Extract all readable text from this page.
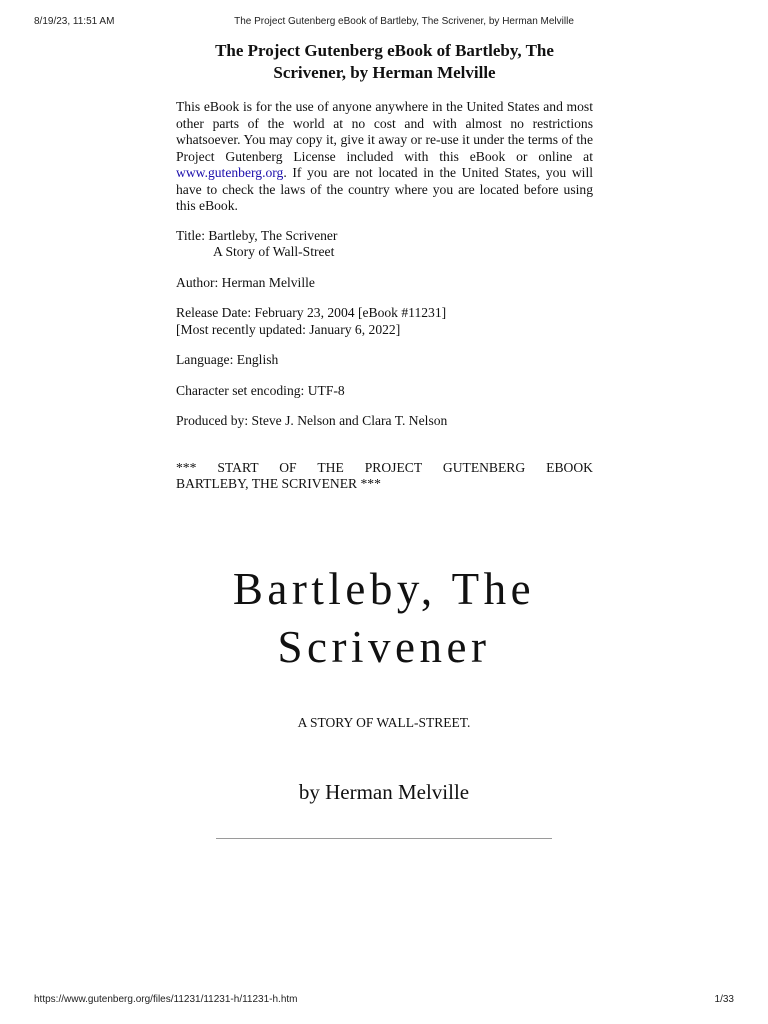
8/19/23, 11:51 AM	The Project Gutenberg eBook of Bartleby, The Scrivener, by Herman Melville
The Project Gutenberg eBook of Bartleby, The
Scrivener, by Herman Melville
This eBook is for the use of anyone anywhere in the United States and most other parts of the world at no cost and with almost no restrictions whatsoever. You may copy it, give it away or re-use it under the terms of the Project Gutenberg License included with this eBook or online at www.gutenberg.org. If you are not located in the United States, you will have to check the laws of the country where you are located before using this eBook.

Title: Bartleby, The Scrivener

A Story of Wall-Street

Author: Herman Melville

Release Date: February 23, 2004 [eBook #11231]

[Most recently updated: January 6, 2022]

Language: English

Character set encoding: UTF-8

Produced by: Steve J. Nelson and Clara T. Nelson

*** START OF THE PROJECT GUTENBERG EBOOK
BARTLEBY, THE SCRIVENER ***
Bartleby, The
Scrivener

A STORY OF WALL-STREET.

by Herman Melville

https://www.gutenberg.org/files/11231/11231-h/11231-h.htm	1/33
